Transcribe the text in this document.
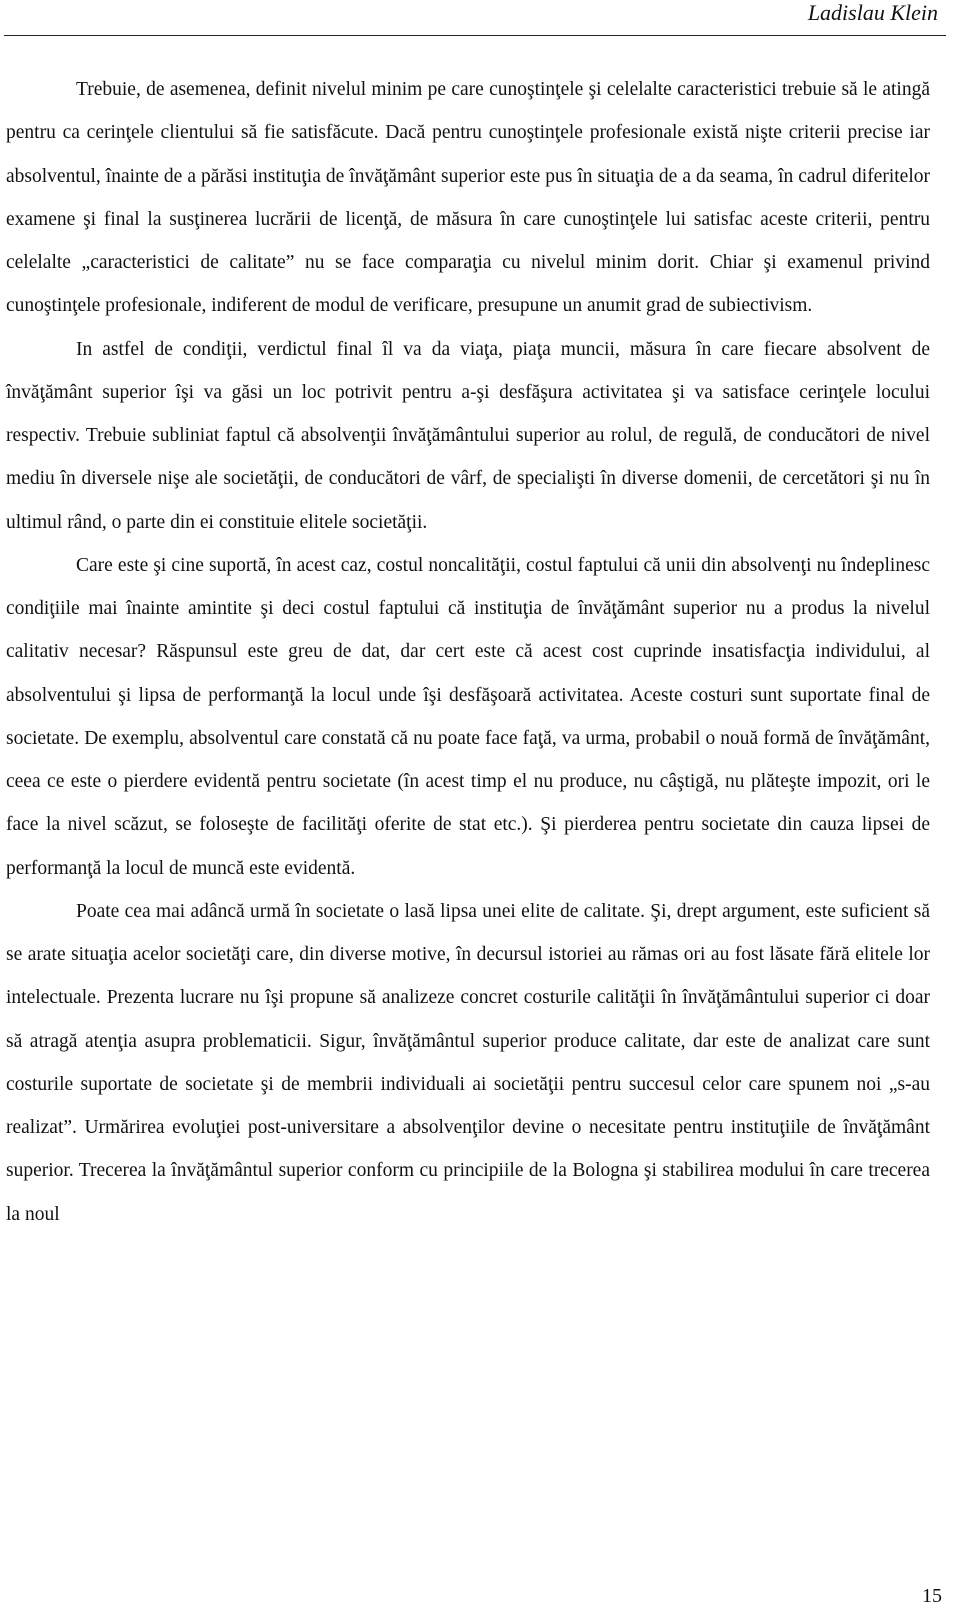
Ladislau Klein

Trebuie, de asemenea, definit nivelul minim pe care cunoştinţele şi celelalte caracteristici trebuie să le atingă pentru ca cerinţele clientului să fie satisfăcute. Dacă pentru cunoştinţele profesionale există nişte criterii precise iar absolventul, înainte de a părăsi instituţia de învăţământ superior este pus în situaţia de a da seama, în cadrul diferitelor examene şi final la susţinerea lucrării de licenţă, de măsura în care cunoştinţele lui satisfac aceste criterii, pentru celelalte „caracteristici de calitate” nu se face comparaţia cu nivelul minim dorit. Chiar şi examenul privind cunoştinţele profesionale, indiferent de modul de verificare, presupune un anumit grad de subiectivism.

In astfel de condiţii, verdictul final îl va da viaţa, piaţa muncii, măsura în care fiecare absolvent de învăţământ superior îşi va găsi un loc potrivit pentru a-şi desfăşura activitatea şi va satisface cerinţele locului respectiv. Trebuie subliniat faptul că absolvenţii învăţământului superior au rolul, de regulă, de conducători de nivel mediu în diversele nişe ale societăţii, de conducători de vârf, de specialişti în diverse domenii, de cercetători şi nu în ultimul rând, o parte din ei constituie elitele societăţii.

Care este şi cine suportă, în acest caz, costul noncalităţii, costul faptului că unii din absolvenţi nu îndeplinesc condiţiile mai înainte amintite şi deci costul faptului că instituţia de învăţământ superior nu a produs la nivelul calitativ necesar? Răspunsul este greu de dat, dar cert este că acest cost cuprinde insatisfacţia individului, al absolventului şi lipsa de performanţă la locul unde îşi desfăşoară activitatea. Aceste costuri sunt suportate final de societate. De exemplu, absolventul care constată că nu poate face faţă, va urma, probabil o nouă formă de învăţământ, ceea ce este o pierdere evidentă pentru societate (în acest timp el nu produce, nu câştigă, nu plăteşte impozit, ori le face la nivel scăzut, se foloseşte de facilităţi oferite de stat etc.). Şi pierderea pentru societate din cauza lipsei de performanţă la locul de muncă este evidentă.

Poate cea mai adâncă urmă în societate o lasă lipsa unei elite de calitate. Şi, drept argument, este suficient să se arate situaţia acelor societăţi care, din diverse motive, în decursul istoriei au rămas ori au fost lăsate fără elitele lor intelectuale. Prezenta lucrare nu îşi propune să analizeze concret costurile calităţii în învăţământului superior ci doar să atragă atenţia asupra problematicii. Sigur, învăţământul superior produce calitate, dar este de analizat care sunt costurile suportate de societate şi de membrii individuali ai societăţii pentru succesul celor care spunem noi „s-au realizat”. Urmărirea evoluţiei post-universitare a absolvenţilor devine o necesitate pentru instituţiile de învăţământ superior. Trecerea la învăţământul superior conform cu principiile de la Bologna şi stabilirea modului în care trecerea la noul

15
